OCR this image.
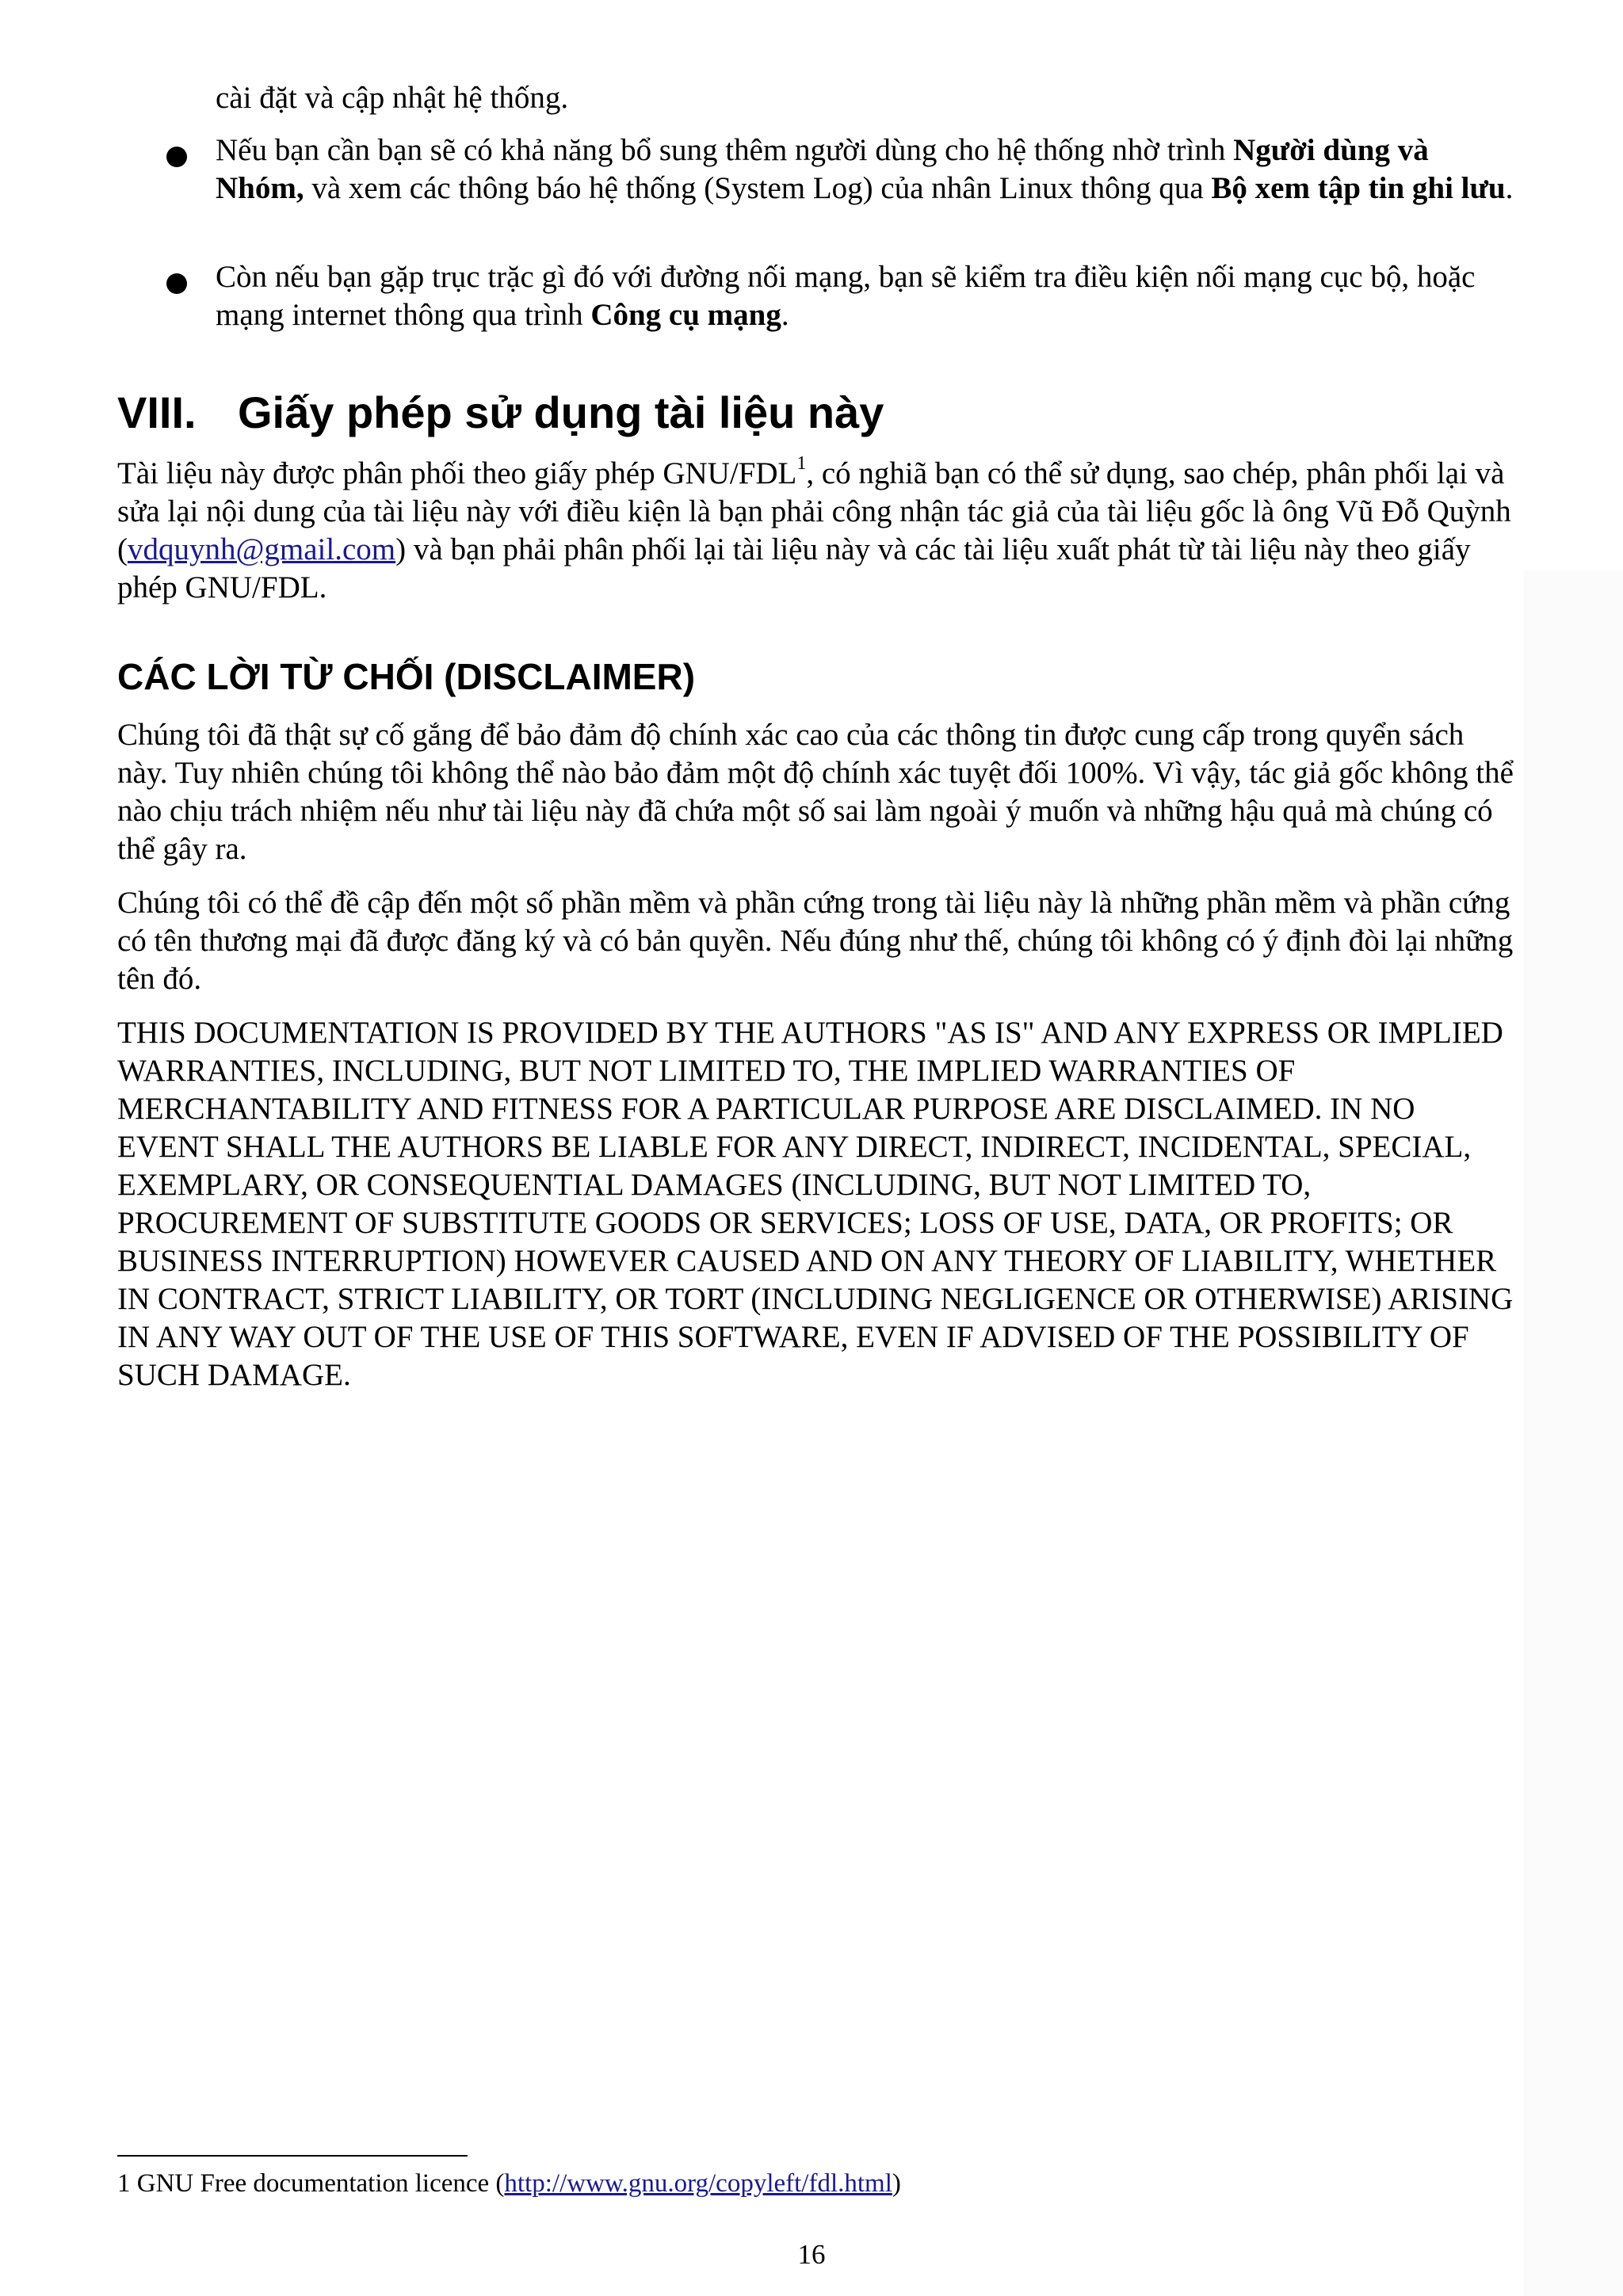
cài đặt và cập nhật hệ thống.

Nếu bạn cần bạn sẽ có khả năng bổ sung thêm người dùng cho hệ thống nhờ trình Người dùng và Nhóm, và xem các thông báo hệ thống (System Log) của nhân Linux thông qua Bộ xem tập tin ghi lưu.

Còn nếu bạn gặp trục trặc gì đó với đường nối mạng, bạn sẽ kiểm tra điều kiện nối mạng cục bộ, hoặc mạng internet thông qua trình Công cụ mạng.

VIII. Giấy phép sử dụng tài liệu này

Tài liệu này được phân phối theo giấy phép GNU/FDL$^1$, có nghiã bạn có thể sử dụng, sao chép, phân phối lại và sửa lại nội dung của tài liệu này với điều kiện là bạn phải công nhận tác giả của tài liệu gốc là ông Vũ Đỗ Quỳnh (vdquynh@gmail.com) và bạn phải phân phối lại tài liệu này và các tài liệu xuất phát từ tài liệu này theo giấy phép GNU/FDL.

CÁC LỜI TỪ CHỐI (DISCLAIMER)

Chúng tôi đã thật sự cố gắng để bảo đảm độ chính xác cao của các thông tin được cung cấp trong quyển sách này. Tuy nhiên chúng tôi không thể nào bảo đảm một độ chính xác tuyệt đối 100%. Vì vậy, tác giả gốc không thể nào chịu trách nhiệm nếu như tài liệu này đã chứa một số sai làm ngoài ý muốn và những hậu quả mà chúng có thể gây ra.

Chúng tôi có thể đề cập đến một số phần mềm và phần cứng trong tài liệu này là những phần mềm và phần cứng có tên thương mại đã được đăng ký và có bản quyền. Nếu đúng như thế, chúng tôi không có ý định đòi lại những tên đó.

THIS DOCUMENTATION IS PROVIDED BY THE AUTHORS "AS IS" AND ANY EXPRESS OR IMPLIED WARRANTIES, INCLUDING, BUT NOT LIMITED TO, THE IMPLIED WARRANTIES OF MERCHANTABILITY AND FITNESS FOR A PARTICULAR PURPOSE ARE DISCLAIMED. IN NO EVENT SHALL THE AUTHORS BE LIABLE FOR ANY DIRECT, INDIRECT, INCIDENTAL, SPECIAL, EXEMPLARY, OR CONSEQUENTIAL DAMAGES (INCLUDING, BUT NOT LIMITED TO, PROCUREMENT OF SUBSTITUTE GOODS OR SERVICES; LOSS OF USE, DATA, OR PROFITS; OR BUSINESS INTERRUPTION) HOWEVER CAUSED AND ON ANY THEORY OF LIABILITY, WHETHER IN CONTRACT, STRICT LIABILITY, OR TORT (INCLUDING NEGLIGENCE OR OTHERWISE) ARISING IN ANY WAY OUT OF THE USE OF THIS SOFTWARE, EVEN IF ADVISED OF THE POSSIBILITY OF SUCH DAMAGE.

1 GNU Free documentation licence (http://www.gnu.org/copyleft/fdl.html)

16
